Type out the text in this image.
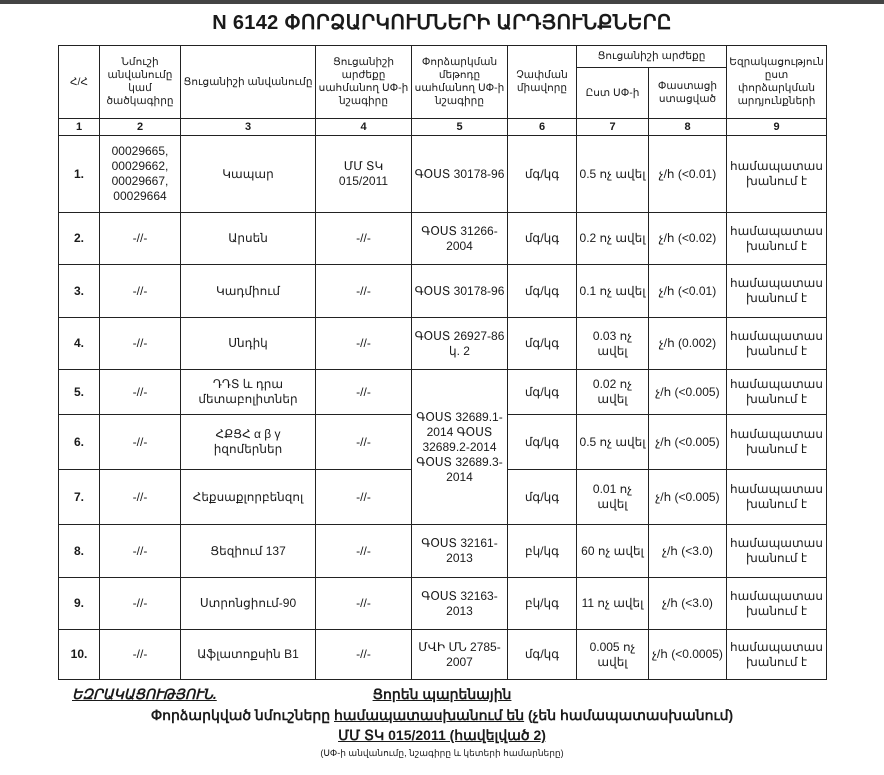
N 6142 ՓՈՐՁԱՐԿՈՒՄՆԵՐԻ ԱՐԴՅՈՒՆՔՆԵՐԸ
Հ/Հ	Նմուշի անվանումը կամ ծածկագիրը	Ցուցանիշի անվանումը	Ցուցանիշի արժեքը սահմանող ՍՓ-ի նշագիրը	Փորձարկման մեթոդը սահմանող ՍՓ-ի նշագիրը	Չափման միավորը	Ցուցանիշի արժեքը		Եզրակացություն ըստ փորձարկման արդյունքների
						Ըստ ՍՓ-ի	Փաստացի ստացված	
1	2	3	4	5	6	7	8	9
1.	00029665, 00029662, 00029667, 00029664	Կապար	ՄՄ ՏԿ 015/2011	ԳՕՍՏ 30178-96	մգ/կգ	0.5 ոչ ավել	չ/հ (<0.01)	համապատաս խանում է
2.	-//-	Արսեն	-//-	ԳՕՍՏ 31266-2004	մգ/կգ	0.2 ոչ ավել	չ/հ (<0.02)	համապատաս խանում է
3.	-//-	Կադմիում	-//-	ԳՕՍՏ 30178-96	մգ/կգ	0.1 ոչ ավել	չ/հ (<0.01)	համապատաս խանում է
4.	-//-	Սնդիկ	-//-	ԳՕՍՏ 26927-86 կ. 2	մգ/կգ	0.03 ոչ ավել	չ/հ (0.002)	համապատաս խանում է
5.	-//-	ԴԴՏ և դրա մետաբոլիտներ	-//-	ԳՕՍՏ 32689.1-2014 ԳՕՍՏ 32689.2-2014 ԳՕՍՏ 32689.3-2014	մգ/կգ	0.02 ոչ ավել	չ/հ (<0.005)	համապատաս խանում է
6.	-//-	ՀՔՑՀ α β γ իզոմերներ	-//-		մգ/կգ	0.5 ոչ ավել	չ/հ (<0.005)	համապատաս խանում է
7.	-//-	Հեքսաքլորբենզոլ	-//-		մգ/կգ	0.01 ոչ ավել	չ/հ (<0.005)	համապատաս խանում է
8.	-//-	Ցեզիում 137	-//-	ԳՕՍՏ 32161-2013	բկ/կգ	60 ոչ ավել	չ/հ (<3.0)	համապատաս խանում է
9.	-//-	Ստրոնցիում-90	-//-	ԳՕՍՏ 32163-2013	բկ/կգ	11 ոչ ավել	չ/հ (<3.0)	համապատաս խանում է
10.	-//-	Աֆլատոքսին B1	-//-	ՄՎԻ ՄՆ 2785-2007	մգ/կգ	0.005 ոչ ավել	չ/հ (<0.0005)	համապատաս խանում է
ԵԶՐԱԿԱՑՈՒԹՅՈՒՆ.	Ցորեն պարենային
Փորձարկված նմուշները համապատասխանում են (չեն համապատասխանում)
ՄՄ ՏԿ 015/2011 (հավելված 2)
(ՍՓ-ի անվանումը, նշագիրը և կետերի համարները)
